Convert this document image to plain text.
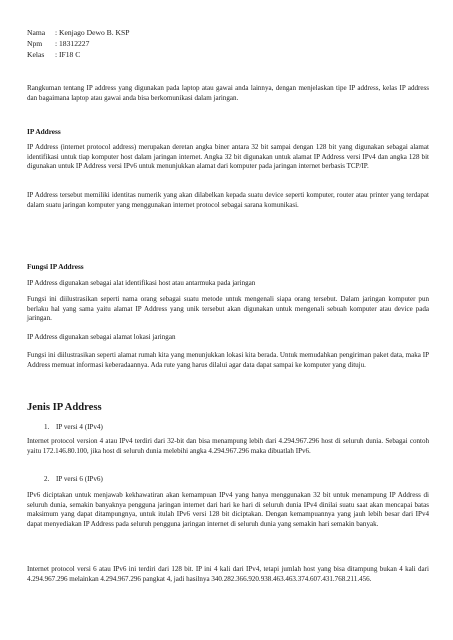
Nama : Kenjago Dewo B. KSP
Npm : 18312227
Kelas : IF18 C

Rangkuman tentang IP address yang digunakan pada laptop atau gawai anda lainnya, dengan menjelaskan tipe IP address, kelas IP address dan bagaimana laptop atau gawai anda bisa berkomunikasi dalam jaringan.

IP Address

IP Address (internet protocol address) merupakan deretan angka biner antara 32 bit sampai dengan 128 bit yang digunakan sebagai alamat identifikasi untuk tiap komputer host dalam jaringan internet. Angka 32 bit digunakan untuk alamat IP Address versi IPv4 dan angka 128 bit digunakan untuk IP Address versi IPv6 untuk menunjukkan alamat dari komputer pada jaringan internet berbasis TCP/IP.

IP Address tersebut memiliki identitas numerik yang akan dilabelkan kepada suatu device seperti komputer, router atau printer yang terdapat dalam suatu jaringan komputer yang menggunakan internet protocol sebagai sarana komunikasi.

Fungsi IP Address

IP Address digunakan sebagai alat identifikasi host atau antarmuka pada jaringan

Fungsi ini diilustrasikan seperti nama orang sebagai suatu metode untuk mengenali siapa orang tersebut. Dalam jaringan komputer pun berlaku hal yang sama yaitu alamat IP Address yang unik tersebut akan digunakan untuk mengenali sebuah komputer atau device pada jaringan.

IP Address digunakan sebagai alamat lokasi jaringan

Fungsi ini diilustrasikan seperti alamat rumah kita yang menunjukkan lokasi kita berada. Untuk memudahkan pengiriman paket data, maka IP Address memuat informasi keberadaannya. Ada rute yang harus dilalui agar data dapat sampai ke komputer yang dituju.

Jenis IP Address
1. IP versi 4 (IPv4)

Internet protocol version 4 atau IPv4 terdiri dari 32-bit dan bisa menampung lebih dari 4.294.967.296 host di seluruh dunia. Sebagai contoh yaitu 172.146.80.100, jika host di seluruh dunia melebihi angka 4.294.967.296 maka dibuatlah IPv6.

2. IP versi 6 (IPv6)

IPv6 diciptakan untuk menjawab kekhawatiran akan kemampuan IPv4 yang hanya menggunakan 32 bit untuk menampung IP Address di seluruh dunia, semakin banyaknya pengguna jaringan internet dari hari ke hari di seluruh dunia IPv4 dinilai suatu saat akan mencapai batas maksimum yang dapat ditampungnya, untuk itulah IPv6 versi 128 bit diciptakan. Dengan kemampuannya yang jauh lebih besar dari IPv4 dapat menyediakan IP Address pada seluruh pengguna jaringan internet di seluruh dunia yang semakin hari semakin banyak.

Internet protocol versi 6 atau IPv6 ini terdiri dari 128 bit. IP ini 4 kali dari IPv4, tetapi jumlah host yang bisa ditampung bukan 4 kali dari 4.294.967.296 melainkan 4.294.967.296 pangkat 4, jadi hasilnya 340.282.366.920.938.463.463.374.607.431.768.211.456.
